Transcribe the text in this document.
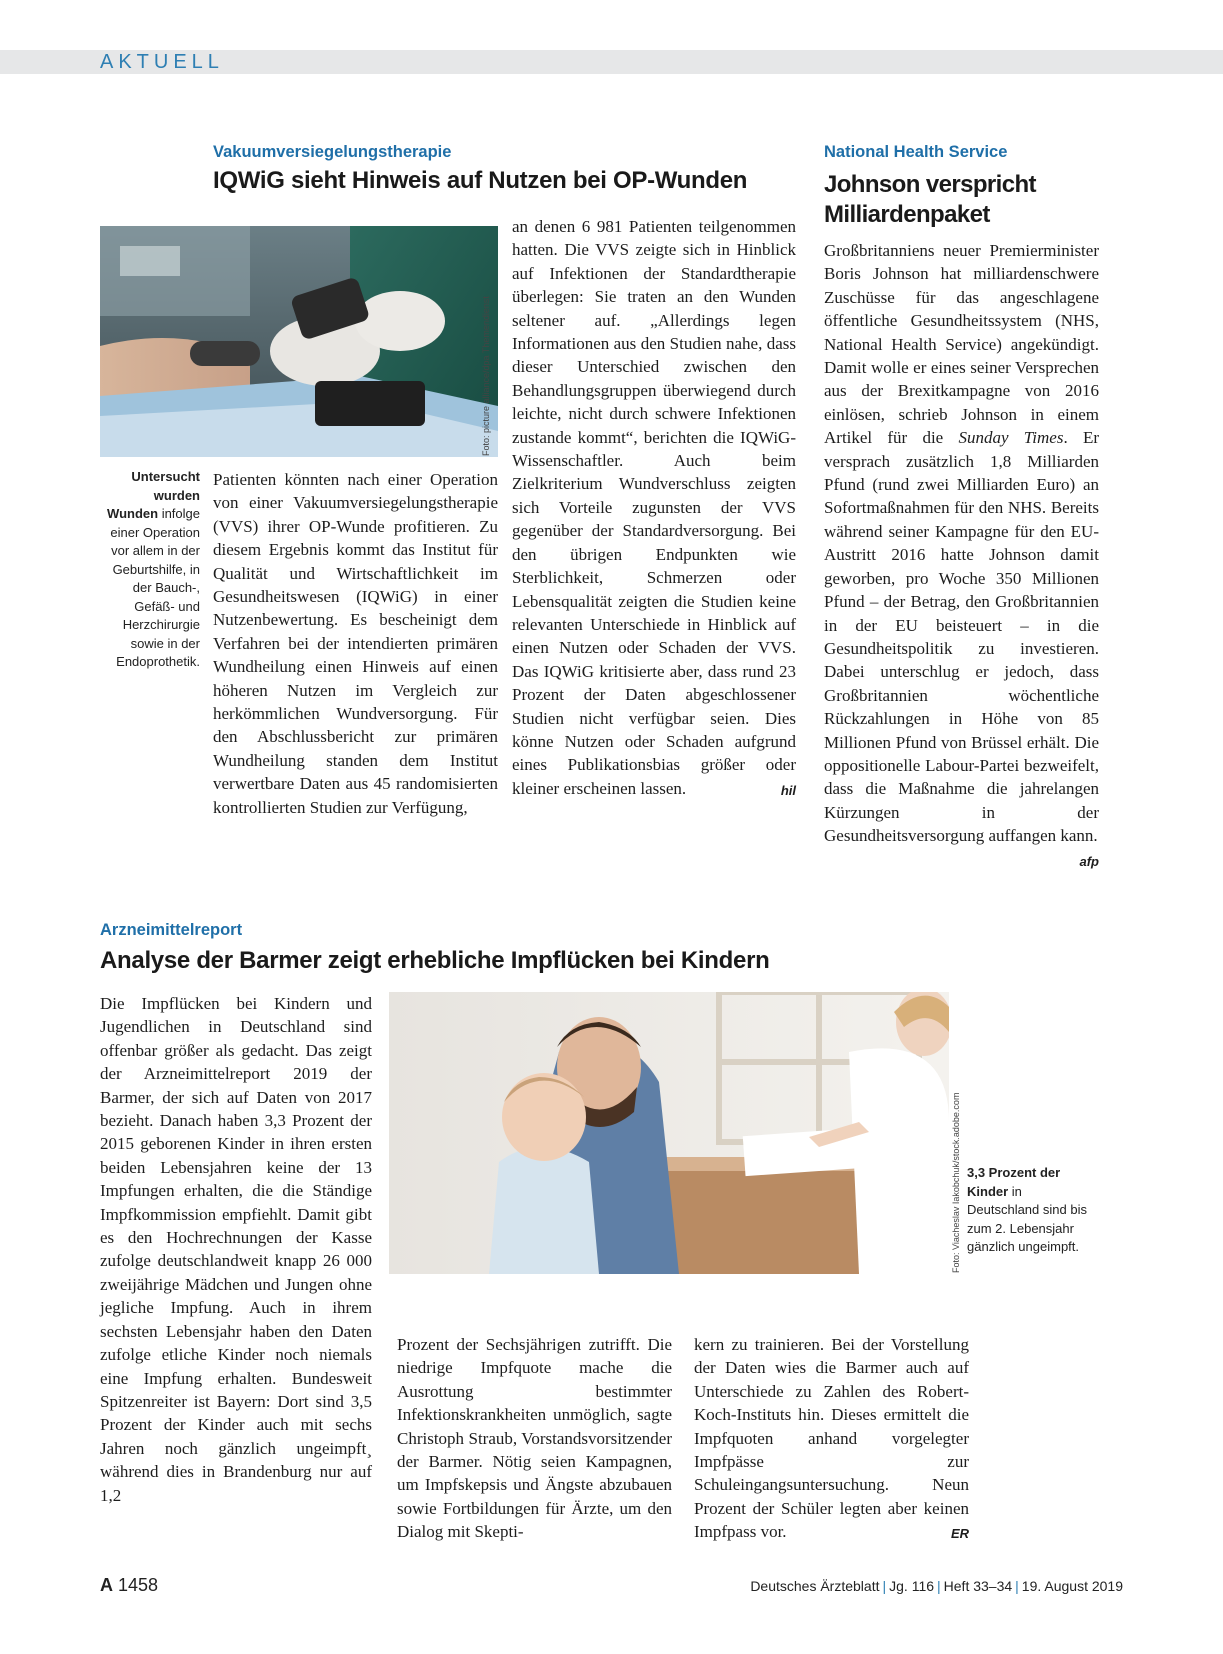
AKTUELL
Vakuumversiegelungstherapie
IQWiG sieht Hinweis auf Nutzen bei OP-Wunden
Foto: picture alliance/dpa Themendienst
Untersucht wurden Wunden infolge einer Operation vor allem in der Geburtshilfe, in der Bauch-, Gefäß- und Herzchirurgie sowie in der Endoprothetik.
Patienten könnten nach einer Operation von einer Vakuumversiegelungstherapie (VVS) ihrer OP-Wunde profitieren. Zu diesem Ergebnis kommt das Institut für Qualität und Wirtschaftlichkeit im Gesundheitswesen (IQWiG) in einer Nutzenbewertung. Es bescheinigt dem Verfahren bei der intendierten primären Wundheilung einen Hinweis auf einen höheren Nutzen im Vergleich zur herkömmlichen Wundversorgung. Für den Abschlussbericht zur primären Wundheilung standen dem Institut verwertbare Daten aus 45 randomisierten kontrollierten Studien zur Verfügung,
an denen 6 981 Patienten teilgenommen hatten. Die VVS zeigte sich in Hinblick auf Infektionen der Standardtherapie überlegen: Sie traten an den Wunden seltener auf. „Allerdings legen Informationen aus den Studien nahe, dass dieser Unterschied zwischen den Behandlungsgruppen überwiegend durch leichte, nicht durch schwere Infektionen zustande kommt“, berichten die IQWiG-Wissenschaftler. Auch beim Zielkriterium Wundverschluss zeigten sich Vorteile zugunsten der VVS gegenüber der Standardversorgung. Bei den übrigen Endpunkten wie Sterblichkeit, Schmerzen oder Lebensqualität zeigten die Studien keine relevanten Unterschiede in Hinblick auf einen Nutzen oder Schaden der VVS. Das IQWiG kritisierte aber, dass rund 23 Prozent der Daten abgeschlossener Studien nicht verfügbar seien. Dies könne Nutzen oder Schaden aufgrund eines Publikationsbias größer oder kleiner erscheinen lassen.	hil
National Health Service
Johnson verspricht Milliardenpaket
Großbritanniens neuer Premierminister Boris Johnson hat milliardenschwere Zuschüsse für das angeschlagene öffentliche Gesundheitssystem (NHS, National Health Service) angekündigt. Damit wolle er eines seiner Versprechen aus der Brexitkampagne von 2016 einlösen, schrieb Johnson in einem Artikel für die Sunday Times. Er versprach zusätzlich 1,8 Milliarden Pfund (rund zwei Milliarden Euro) an Sofortmaßnahmen für den NHS. Bereits während seiner Kampagne für den EU-Austritt 2016 hatte Johnson damit geworben, pro Woche 350 Millionen Pfund – der Betrag, den Großbritannien in der EU beisteuert – in die Gesundheitspolitik zu investieren. Dabei unterschlug er jedoch, dass Großbritannien wöchentliche Rückzahlungen in Höhe von 85 Millionen Pfund von Brüssel erhält. Die oppositionelle Labour-Partei bezweifelt, dass die Maßnahme die jahrelangen Kürzungen in der Gesundheitsversorgung auffangen kann.
afp
Arzneimittelreport
Analyse der Barmer zeigt erhebliche Impflücken bei Kindern
Die Impflücken bei Kindern und Jugendlichen in Deutschland sind offenbar größer als gedacht. Das zeigt der Arzneimittelreport 2019 der Barmer, der sich auf Daten von 2017 bezieht. Danach haben 3,3 Prozent der 2015 geborenen Kinder in ihren ersten beiden Lebensjahren keine der 13 Impfungen erhalten, die die Ständige Impfkommission empfiehlt. Damit gibt es den Hochrechnungen der Kasse zufolge deutschlandweit knapp 26 000 zweijährige Mädchen und Jungen ohne jegliche Impfung. Auch in ihrem sechsten Lebensjahr haben den Daten zufolge etliche Kinder noch niemals eine Impfung erhalten. Bundesweit Spitzenreiter ist Bayern: Dort sind 3,5 Prozent der Kinder auch mit sechs Jahren noch gänzlich ungeimpft¸ während dies in Brandenburg nur auf 1,2
Foto: Viacheslav Iakobchuk/stock.adobe.com 3,3 Prozent der Kinder in Deutschland sind bis zum 2. Lebensjahr gänzlich ungeimpft.
Prozent der Sechsjährigen zutrifft. Die niedrige Impfquote mache die Ausrottung bestimmter Infektionskrankheiten unmöglich, sagte Christoph Straub, Vorstandsvorsitzender der Barmer. Nötig seien Kampagnen, um Impfskepsis und Ängste abzubauen sowie Fortbildungen für Ärzte, um den Dialog mit Skepti-
kern zu trainieren. Bei der Vorstellung der Daten wies die Barmer auch auf Unterschiede zu Zahlen des Robert-Koch-Instituts hin. Dieses ermittelt die Impfquoten anhand vorgelegter Impfpässe zur Schuleingangsuntersuchung. Neun Prozent der Schüler legten aber keinen Impfpass vor.	ER
A 1458	Deutsches Ärzteblatt | Jg. 116 | Heft 33–34 | 19. August 2019
